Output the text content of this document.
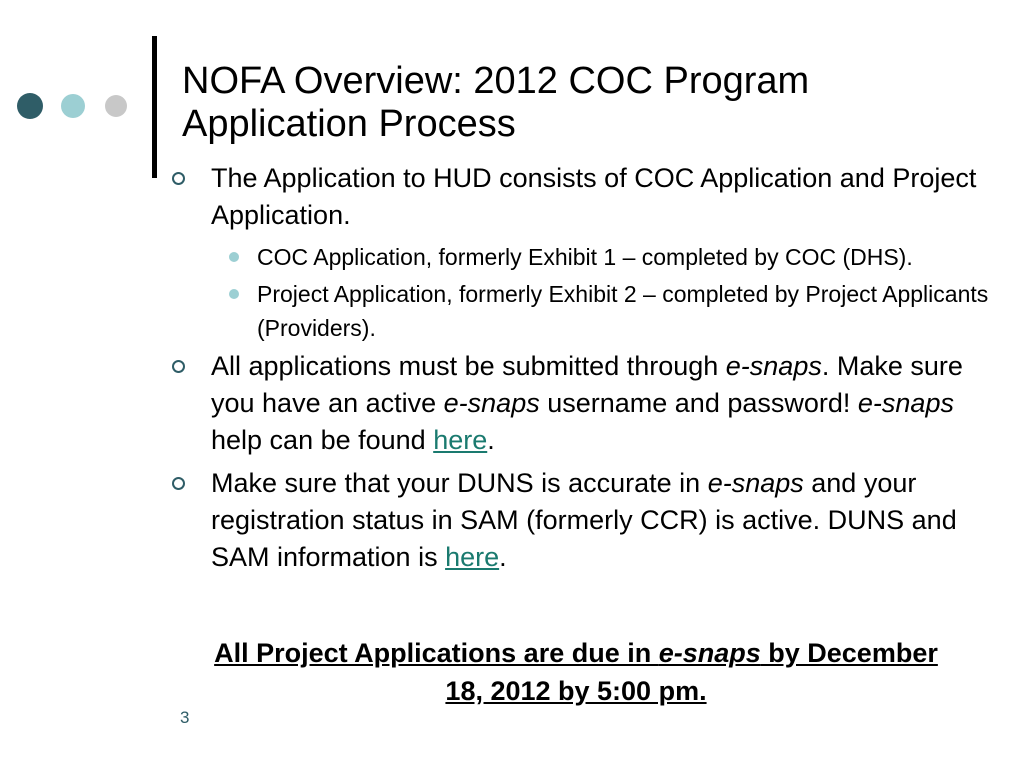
NOFA Overview: 2012 COC Program Application Process
The Application to HUD consists of COC Application and Project Application.
COC Application, formerly Exhibit 1 – completed by COC (DHS).
Project Application, formerly Exhibit 2 – completed by Project Applicants (Providers).
All applications must be submitted through e-snaps. Make sure you have an active e-snaps username and password! e-snaps help can be found here.
Make sure that your DUNS is accurate in e-snaps and your registration status in SAM (formerly CCR) is active. DUNS and SAM information is here.
All Project Applications are due in e-snaps by December 18, 2012 by 5:00 pm.
3
